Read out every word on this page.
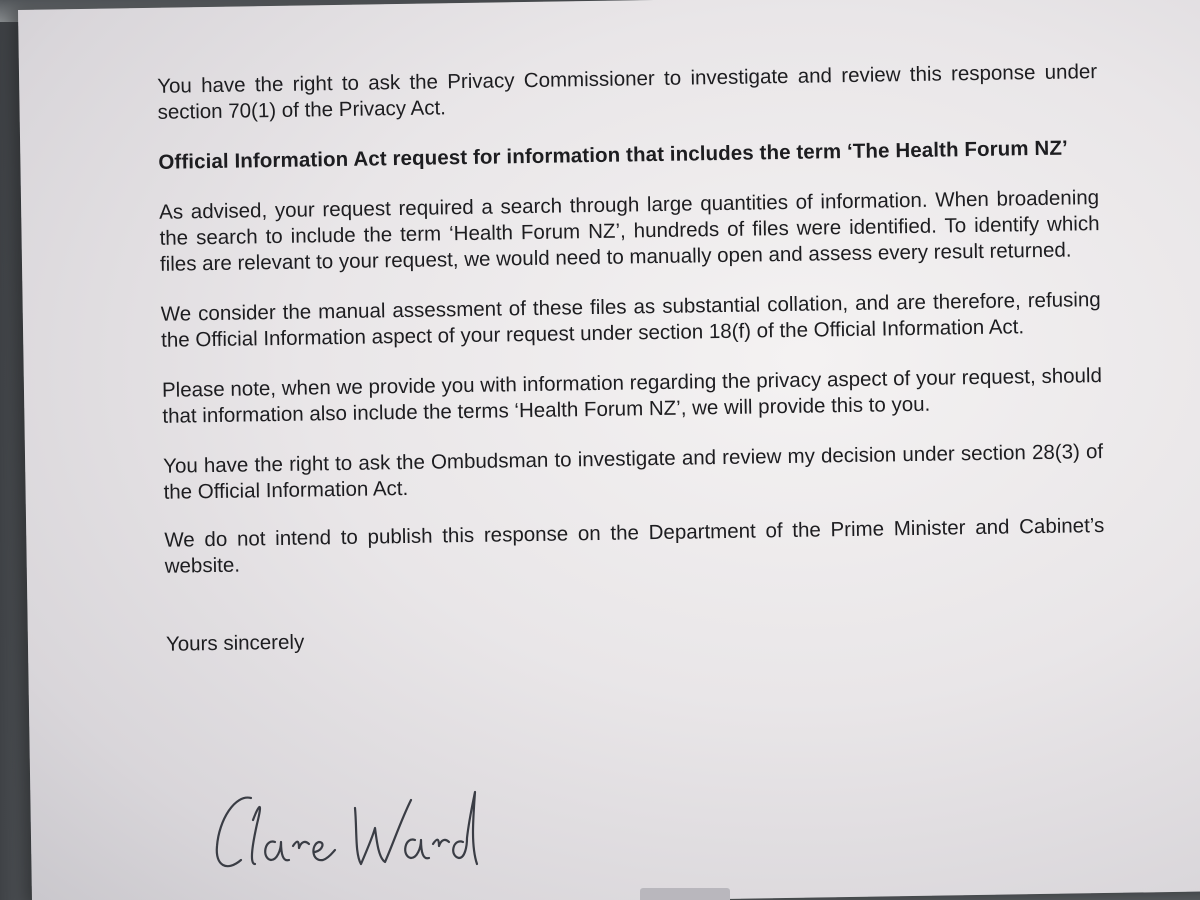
You have the right to ask the Privacy Commissioner to investigate and review this response under section 70(1) of the Privacy Act.

Official Information Act request for information that includes the term ‘The Health Forum NZ’

As advised, your request required a search through large quantities of information. When broadening the search to include the term ‘Health Forum NZ’, hundreds of files were identified. To identify which files are relevant to your request, we would need to manually open and assess every result returned.

We consider the manual assessment of these files as substantial collation, and are therefore, refusing the Official Information aspect of your request under section 18(f) of the Official Information Act.

Please note, when we provide you with information regarding the privacy aspect of your request, should that information also include the terms ‘Health Forum NZ’, we will provide this to you.

You have the right to ask the Ombudsman to investigate and review my decision under section 28(3) of the Official Information Act.

We do not intend to publish this response on the Department of the Prime Minister and Cabinet’s website.

Yours sincerely
